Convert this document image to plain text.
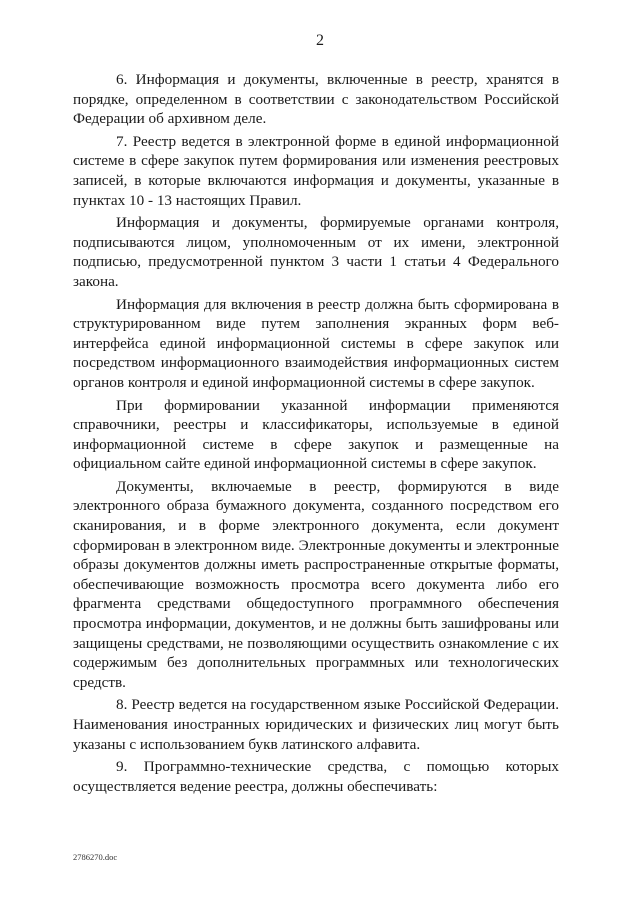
2

6. Информация и документы, включенные в реестр, хранятся в порядке, определенном в соответствии с законодательством Российской Федерации об архивном деле.

7. Реестр ведется в электронной форме в единой информационной системе в сфере закупок путем формирования или изменения реестровых записей, в которые включаются информация и документы, указанные в пунктах 10 - 13 настоящих Правил.

Информация и документы, формируемые органами контроля, подписываются лицом, уполномоченным от их имени, электронной подписью, предусмотренной пунктом 3 части 1 статьи 4 Федерального закона.

Информация для включения в реестр должна быть сформирована в структурированном виде путем заполнения экранных форм веб-интерфейса единой информационной системы в сфере закупок или посредством информационного взаимодействия информационных систем органов контроля и единой информационной системы в сфере закупок.

При формировании указанной информации применяются справочники, реестры и классификаторы, используемые в единой информационной системе в сфере закупок и размещенные на официальном сайте единой информационной системы в сфере закупок.

Документы, включаемые в реестр, формируются в виде электронного образа бумажного документа, созданного посредством его сканирования, и в форме электронного документа, если документ сформирован в электронном виде. Электронные документы и электронные образы документов должны иметь распространенные открытые форматы, обеспечивающие возможность просмотра всего документа либо его фрагмента средствами общедоступного программного обеспечения просмотра информации, документов, и не должны быть зашифрованы или защищены средствами, не позволяющими осуществить ознакомление с их содержимым без дополнительных программных или технологических средств.

8. Реестр ведется на государственном языке Российской Федерации. Наименования иностранных юридических и физических лиц могут быть указаны с использованием букв латинского алфавита.

9. Программно-технические средства, с помощью которых осуществляется ведение реестра, должны обеспечивать:

2786270.doc
